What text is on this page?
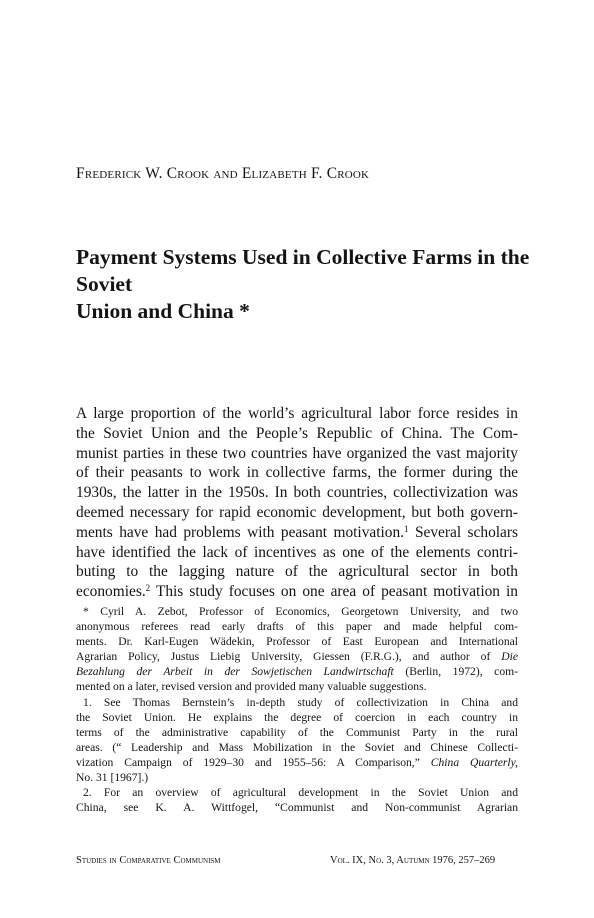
Frederick W. Crook and Elizabeth F. Crook
Payment Systems Used in Collective Farms in the Soviet
Union and China *
A large proportion of the world’s agricultural labor force resides in
the Soviet Union and the People’s Republic of China. The Com-
munist parties in these two countries have organized the vast majority
of their peasants to work in collective farms, the former during the
1930s, the latter in the 1950s. In both countries, collectivization was
deemed necessary for rapid economic development, but both govern-
ments have had problems with peasant motivation.$^1$ Several scholars
have identified the lack of incentives as one of the elements contri-
buting to the lagging nature of the agricultural sector in both
economies.$^2$ This study focuses on one area of peasant motivation in
* Cyril A. Zebot, Professor of Economics, Georgetown University, and two
anonymous referees read early drafts of this paper and made helpful com-
ments. Dr. Karl-Eugen Wädekin, Professor of East European and International
Agrarian Policy, Justus Liebig University, Giessen (F.R.G.), and author of Die
Bezahlung der Arbeit in der Sowjetischen Landwirtschaft (Berlin, 1972), com-
mented on a later, revised version and provided many valuable suggestions.
1. See Thomas Bernstein’s in-depth study of collectivization in China and
the Soviet Union. He explains the degree of coercion in each country in
terms of the administrative capability of the Communist Party in the rural
areas. (“ Leadership and Mass Mobilization in the Soviet and Chinese Collecti-
vization Campaign of 1929–30 and 1955–56: A Comparison,” China Quarterly,
No. 31 [1967].)
2. For an overview of agricultural development in the Soviet Union and
China, see K. A. Wittfogel, “Communist and Non-communist Agrarian
Studies in Comparative Communism	Vol. IX, No. 3, Autumn 1976, 257–269
